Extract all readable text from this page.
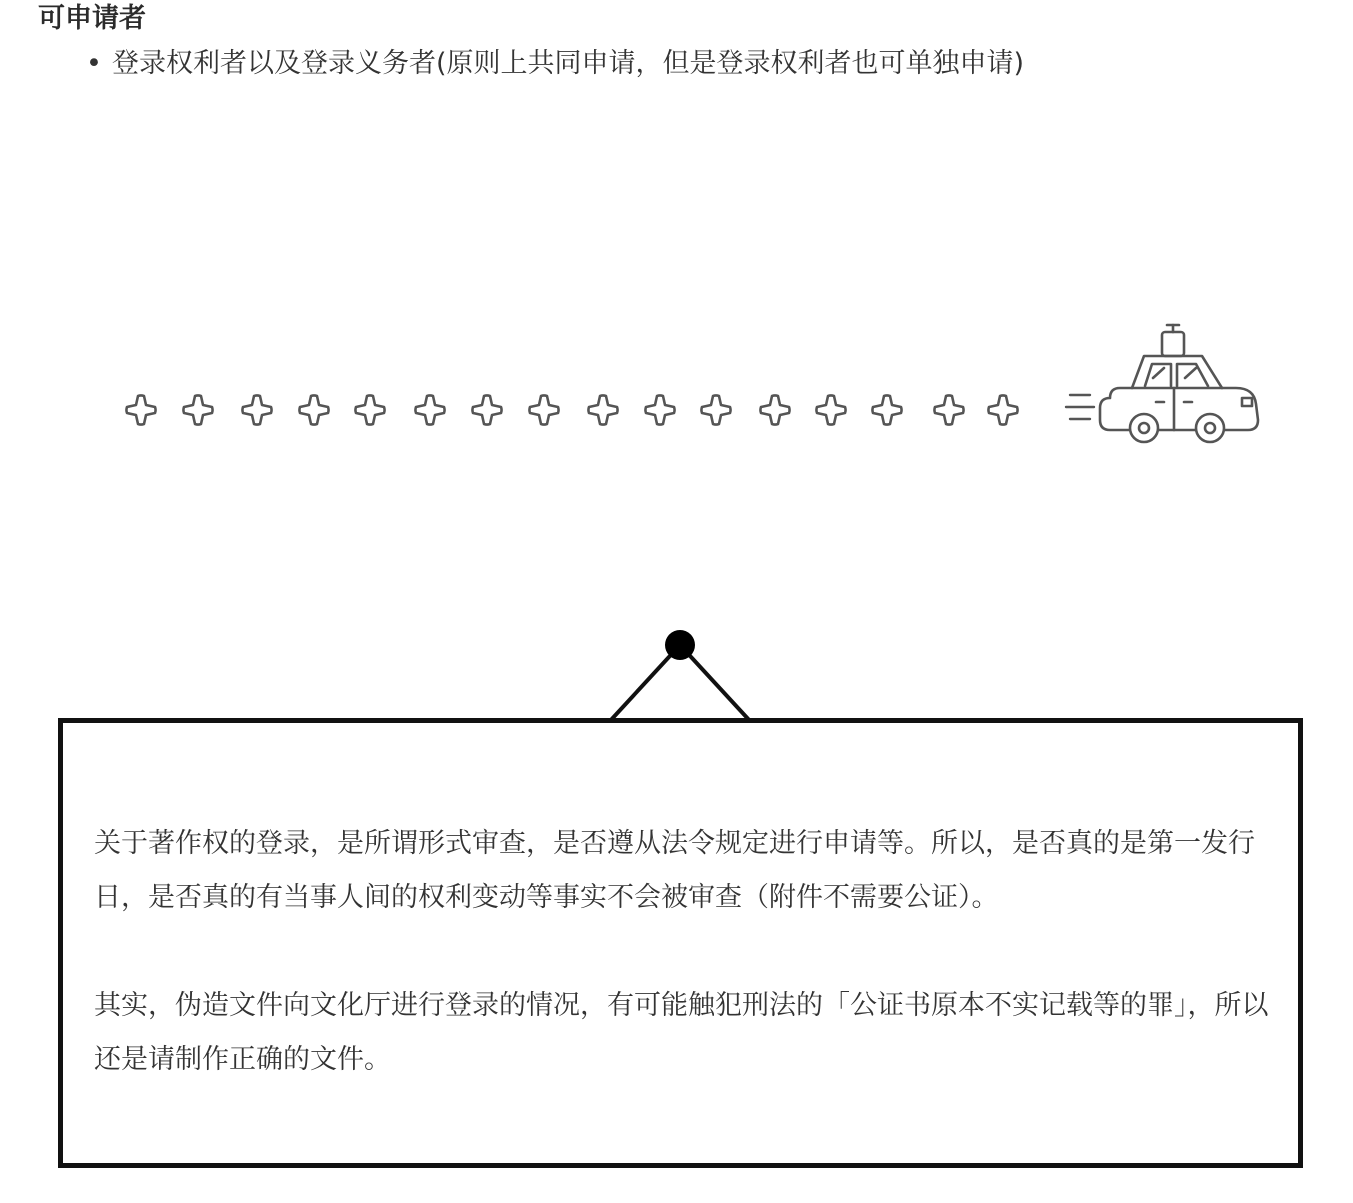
可申请者
• 登录权利者以及登录义务者(原则上共同申请，但是登录权利者也可单独申请)

关于著作权的登录，是所谓形式审查，是否遵从法令规定进行申请等。所以，是否真的是第一发行日，是否真的有当事人间的权利变动等事实不会被审查（附件不需要公证）。

其实，伪造文件向文化厅进行登录的情况，有可能触犯刑法的「公证书原本不实记载等的罪」，所以还是请制作正确的文件。
